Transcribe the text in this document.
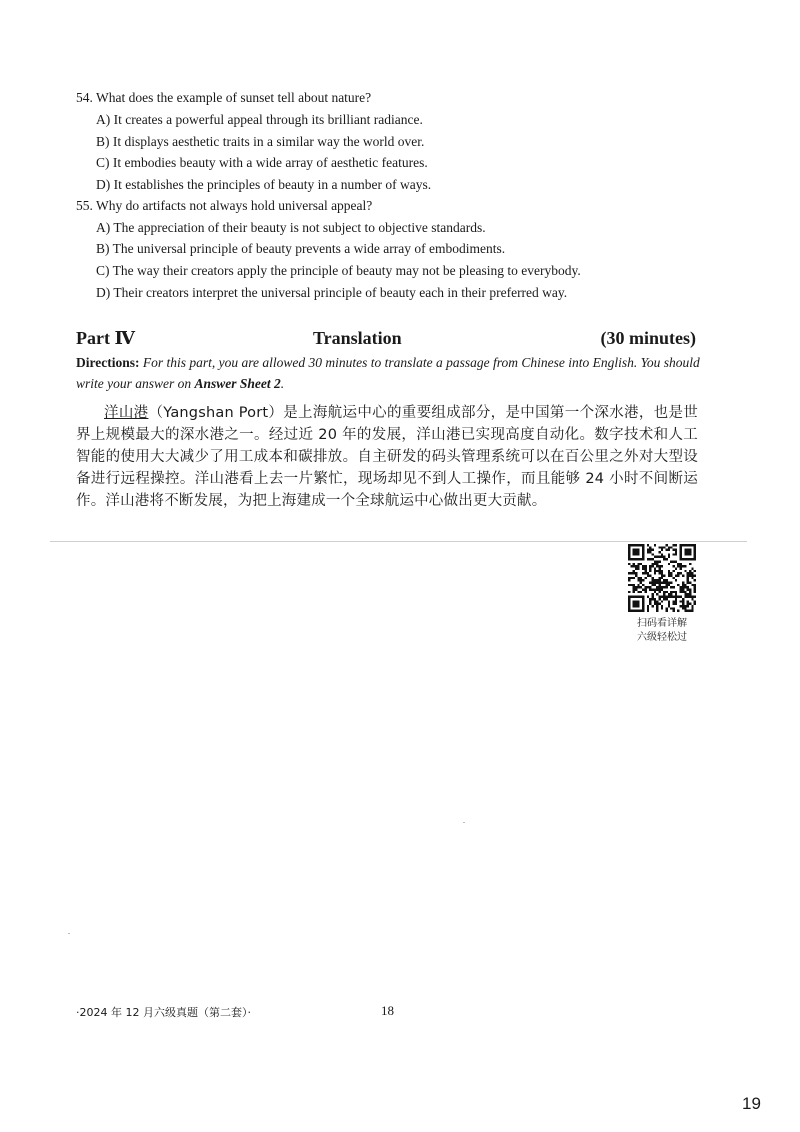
54. What does the example of sunset tell about nature?
A) It creates a powerful appeal through its brilliant radiance.
B) It displays aesthetic traits in a similar way the world over.
C) It embodies beauty with a wide array of aesthetic features.
D) It establishes the principles of beauty in a number of ways.
55. Why do artifacts not always hold universal appeal?
A) The appreciation of their beauty is not subject to objective standards.
B) The universal principle of beauty prevents a wide array of embodiments.
C) The way their creators apply the principle of beauty may not be pleasing to everybody.
D) Their creators interpret the universal principle of beauty each in their preferred way.
Part Ⅳ	Translation	(30 minutes)
Directions: For this part, you are allowed 30 minutes to translate a passage from Chinese into English. You should write your answer on Answer Sheet 2.
洋山港（Yangshan Port）是上海航运中心的重要组成部分，是中国第一个深水港，也是世界上规模最大的深水港之一。经过近 20 年的发展，洋山港已实现高度自动化。数字技术和人工智能的使用大大减少了用工成本和碳排放。自主研发的码头管理系统可以在百公里之外对大型设备进行远程操控。洋山港看上去一片繁忙，现场却见不到人工操作，而且能够 24 小时不间断运作。洋山港将不断发展，为把上海建成一个全球航运中心做出更大贡献。
扫码看详解
六级轻松过
·2024 年 12 月六级真题（第二套）·	18
19
